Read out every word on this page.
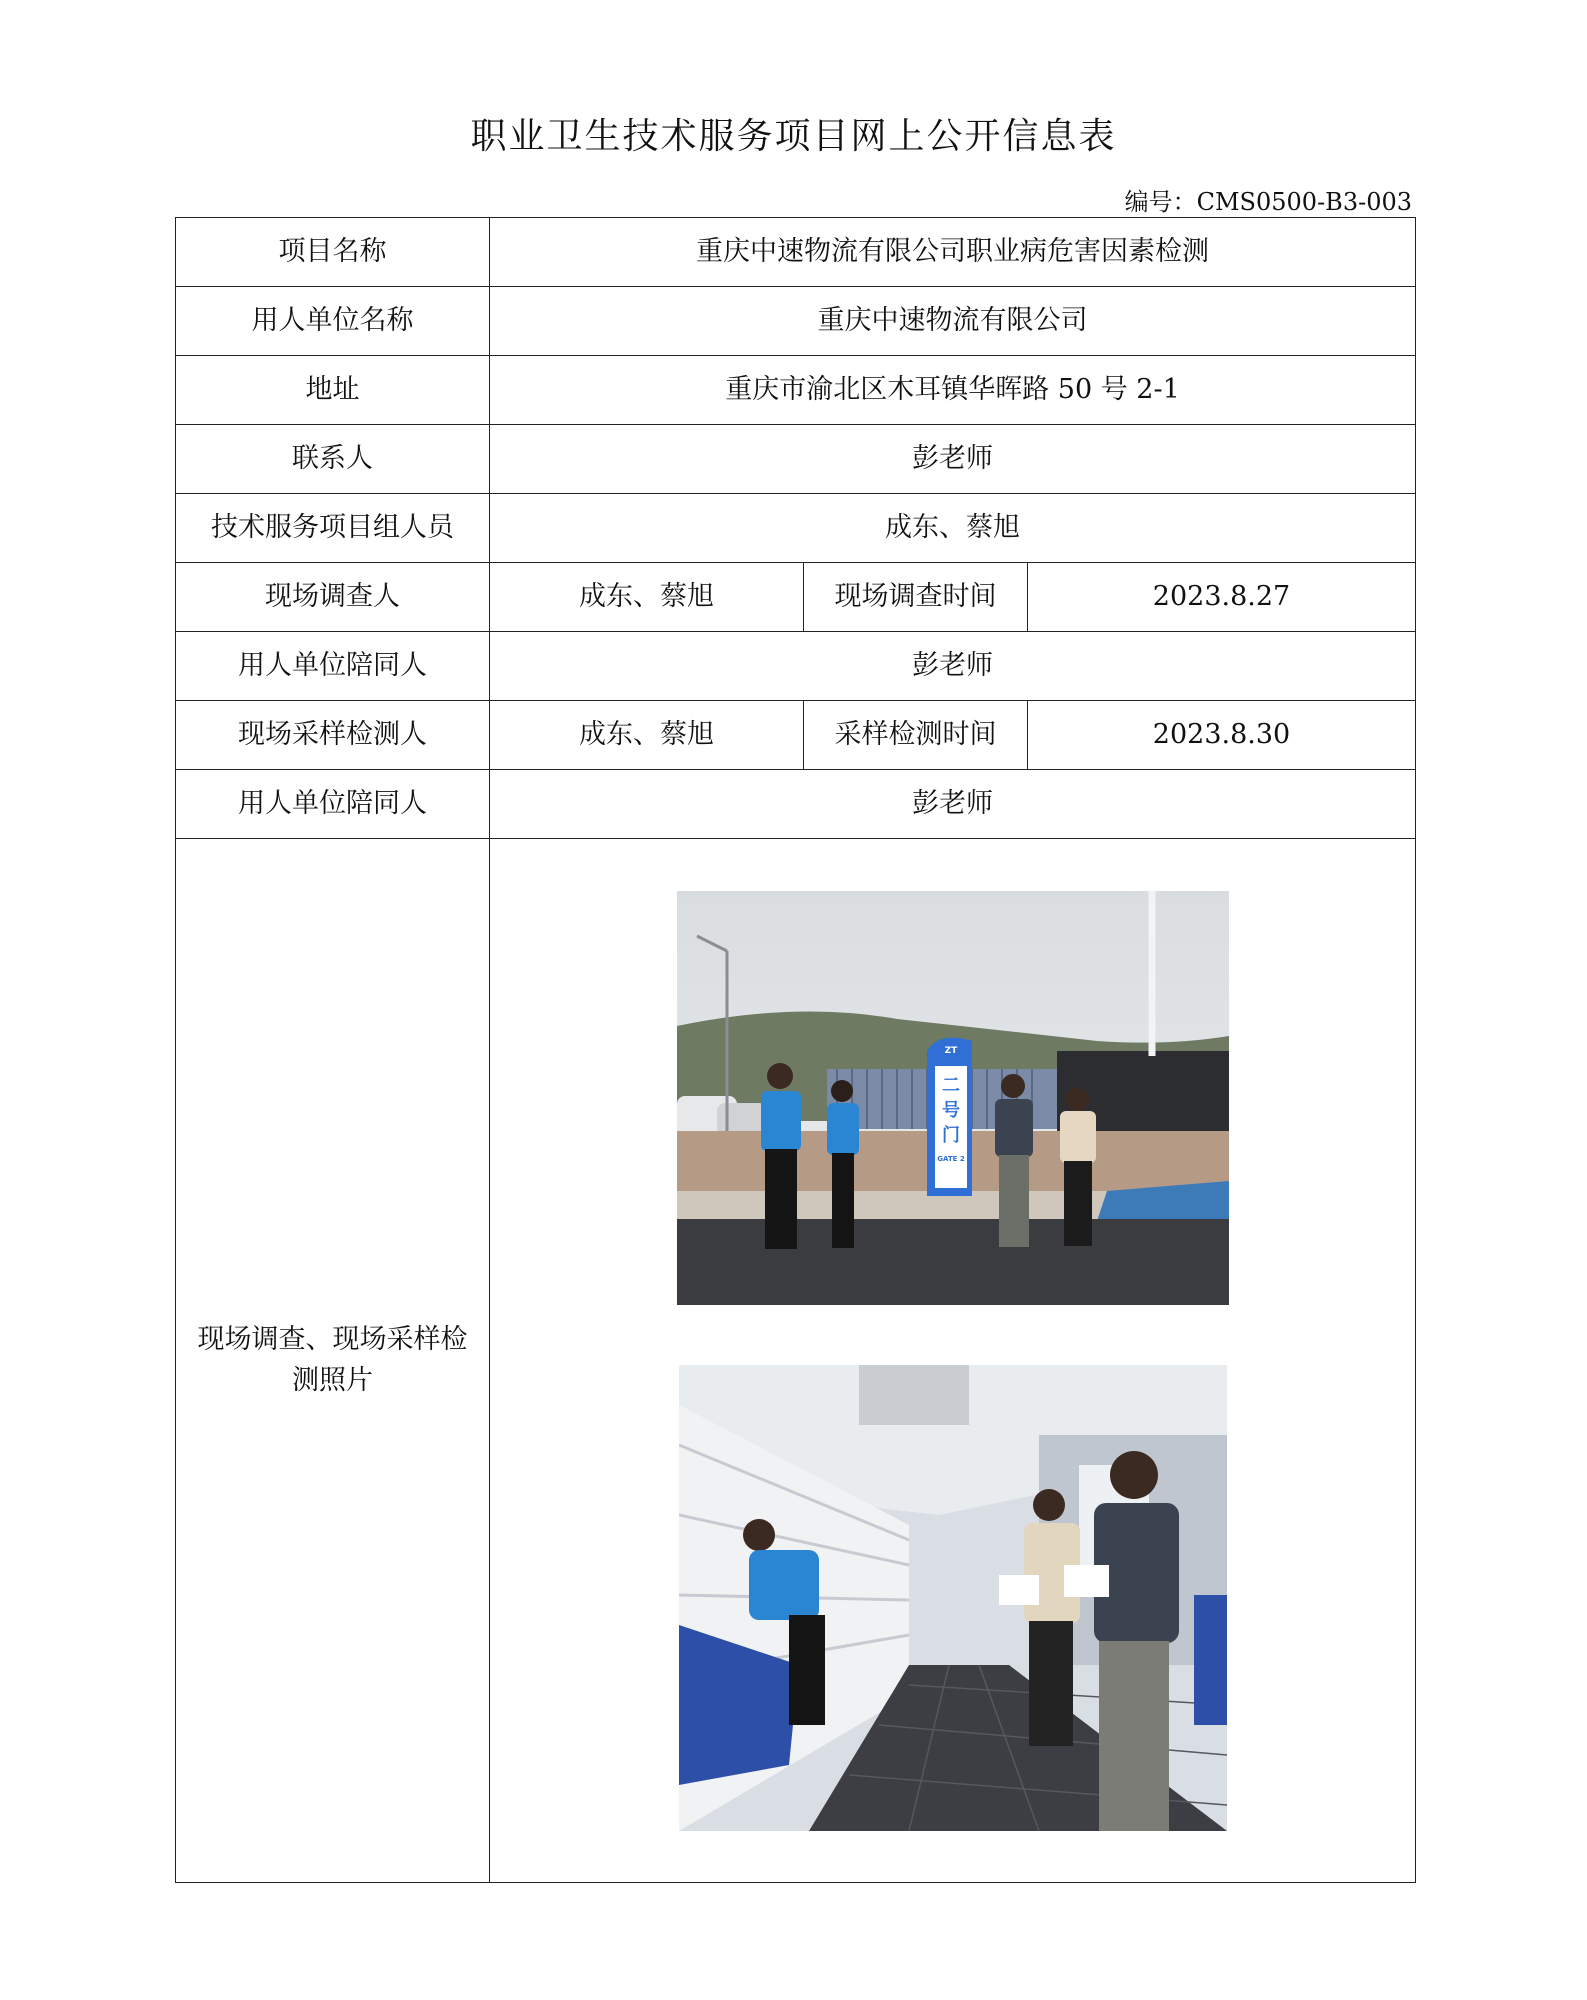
职业卫生技术服务项目网上公开信息表
编号：CMS0500-B3-003
项目名称	重庆中速物流有限公司职业病危害因素检测		
用人单位名称	重庆中速物流有限公司		
地址	重庆市渝北区木耳镇华晖路 50 号 2-1		
联系人	彭老师		
技术服务项目组人员	成东、蔡旭		
现场调查人	成东、蔡旭	现场调查时间	2023.8.27
用人单位陪同人	彭老师		
现场采样检测人	成东、蔡旭	采样检测时间	2023.8.30
用人单位陪同人	彭老师		
现场调查、现场采样检测照片	ZT
二
号
门
GATE 2		
